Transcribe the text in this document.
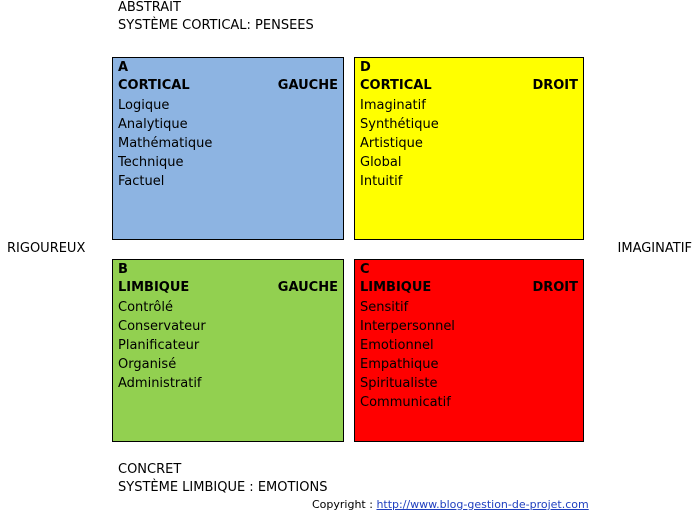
ABSTRAIT
SYSTÈME CORTICAL: PENSEES
RIGOUREUX	IMAGINATIF
A
CORTICAL	GAUCHE
Logique
Analytique
Mathématique
Technique
Factuel
D
CORTICAL	DROIT
Imaginatif
Synthétique
Artistique
Global
Intuitif
B
LIMBIQUE	GAUCHE
Contrôlé
Conservateur
Planificateur
Organisé
Administratif
C
LIMBIQUE	DROIT
Sensitif
Interpersonnel
Emotionnel
Empathique
Spiritualiste
Communicatif
CONCRET
SYSTÈME LIMBIQUE : EMOTIONS
Copyright : http://www.blog-gestion-de-projet.com
